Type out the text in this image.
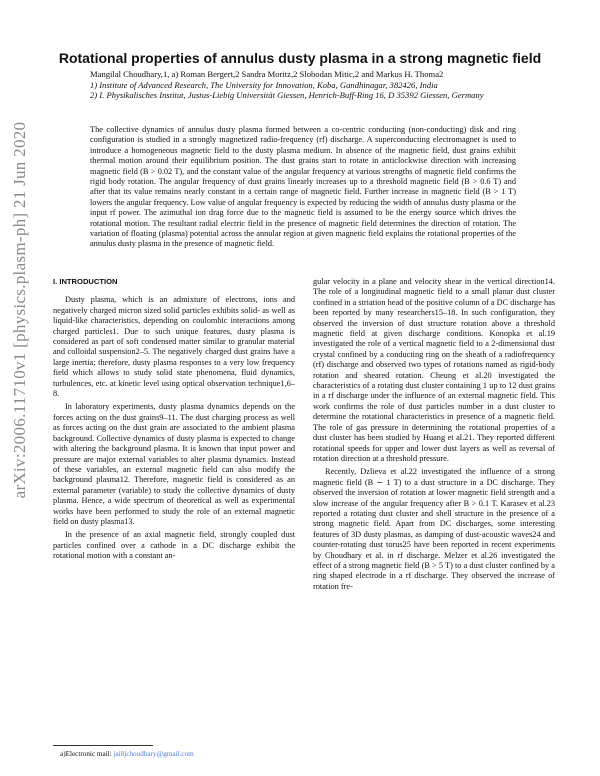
arXiv:2006.11710v1 [physics.plasm-ph] 21 Jun 2020
Rotational properties of annulus dusty plasma in a strong magnetic field
Mangilal Choudhary,1, a) Roman Bergert,2 Sandra Moritz,2 Slobodan Mitic,2 and Markus H. Thoma2
1) Institute of Advanced Research, The University for Innovation, Koba, Gandhinagar, 382426, India
2) I. Physikalisches Institut, Justus-Liebig Universität Giessen, Henrich-Buff-Ring 16, D 35392 Giessen, Germany
The collective dynamics of annulus dusty plasma formed between a co-centric conducting (non-conducting) disk and ring configuration is studied in a strongly magnetized radio-frequency (rf) discharge. A superconducting electromagnet is used to introduce a homogeneous magnetic field to the dusty plasma medium. In absence of the magnetic field, dust grains exhibit thermal motion around their equilibrium position. The dust grains start to rotate in anticlockwise direction with increasing magnetic field (B > 0.02 T), and the constant value of the angular frequency at various strengths of magnetic field confirms the rigid body rotation. The angular frequency of dust grains linearly increases up to a threshold magnetic field (B > 0.6 T) and after that its value remains nearly constant in a certain range of magnetic field. Further increase in magnetic field (B > 1 T) lowers the angular frequency. Low value of angular frequency is expected by reducing the width of annulus dusty plasma or the input rf power. The azimuthal ion drag force due to the magnetic field is assumed to be the energy source which drives the rotational motion. The resultant radial electric field in the presence of magnetic field determines the direction of rotation. The variation of floating (plasma) potential across the annular region at given magnetic field explains the rotational properties of the annulus dusty plasma in the presence of magnetic field.

I. INTRODUCTION

Dusty plasma, which is an admixture of electrons, ions and negatively charged micron sized solid particles exhibits solid- as well as liquid-like characteristics, depending on coulombic interactions among charged particles1. Due to such unique features, dusty plasma is considered as part of soft condensed matter similar to granular material and colloidal suspension2–5. The negatively charged dust grains have a large inertia; therefore, dusty plasma responses to a very low frequency field which allows to study solid state phenomena, fluid dynamics, turbulences, etc. at kinetic level using optical observation technique1,6–8.

In laboratory experiments, dusty plasma dynamics depends on the forces acting on the dust grains9–11. The dust charging process as well as forces acting on the dust grain are associated to the ambient plasma background. Collective dynamics of dusty plasma is expected to change with altering the background plasma. It is known that input power and pressure are major external variables to alter plasma dynamics. Instead of these variables, an external magnetic field can also modify the background plasma12. Therefore, magnetic field is considered as an external parameter (variable) to study the collective dynamics of dusty plasma. Hence, a wide spectrum of theoretical as well as experimental works have been performed to study the role of an external magnetic field on dusty plasma13.

In the presence of an axial magnetic field, strongly coupled dust particles confined over a cathode in a DC discharge exhibit the rotational motion with a constant an-

gular velocity in a plane and velocity shear in the vertical direction14. The role of a longitudinal magnetic field to a small planar dust cluster confined in a striation head of the positive column of a DC discharge has been reported by many researchers15–18. In such configuration, they observed the inversion of dust structure rotation above a threshold magnetic field at given discharge conditions. Konopka et al.19 investigated the role of a vertical magnetic field to a 2-dimensional dust crystal confined by a conducting ring on the sheath of a radiofrequency (rf) discharge and observed two types of rotations named as rigid-body rotation and sheared rotation. Cheung et al.20 investigated the characteristics of a rotating dust cluster containing 1 up to 12 dust grains in a rf discharge under the influence of an external magnetic field. This work confirms the role of dust particles number in a dust cluster to determine the rotational characteristics in presence of a magnetic field. The role of gas pressure in determining the rotational properties of a dust cluster has been studied by Huang et al.21. They reported different rotational speeds for upper and lower dust layers as well as reversal of rotation direction at a threshold pressure.

Recently, Dzlieva et al.22 investigated the influence of a strong magnetic field (B ∼ 1 T) to a dust structure in a DC discharge. They observed the inversion of rotation at lower magnetic field strength and a slow increase of the angular frequency after B > 0.1 T. Karasev et al.23 reported a rotating dust cluster and shell structure in the presence of a strong magnetic field. Apart from DC discharges, some interesting features of 3D dusty plasmas, as damping of dust-acoustic waves24 and counter-rotating dust torus25 have been reported in recent experiments by Choudhary et al. in rf discharge. Melzer et al.26 investigated the effect of a strong magnetic field (B > 5 T) to a dust cluster confined by a ring shaped electrode in a rf discharge. They observed the increase of rotation fre-

a)Electronic mail: jai8jchoudhary@gmail.com
